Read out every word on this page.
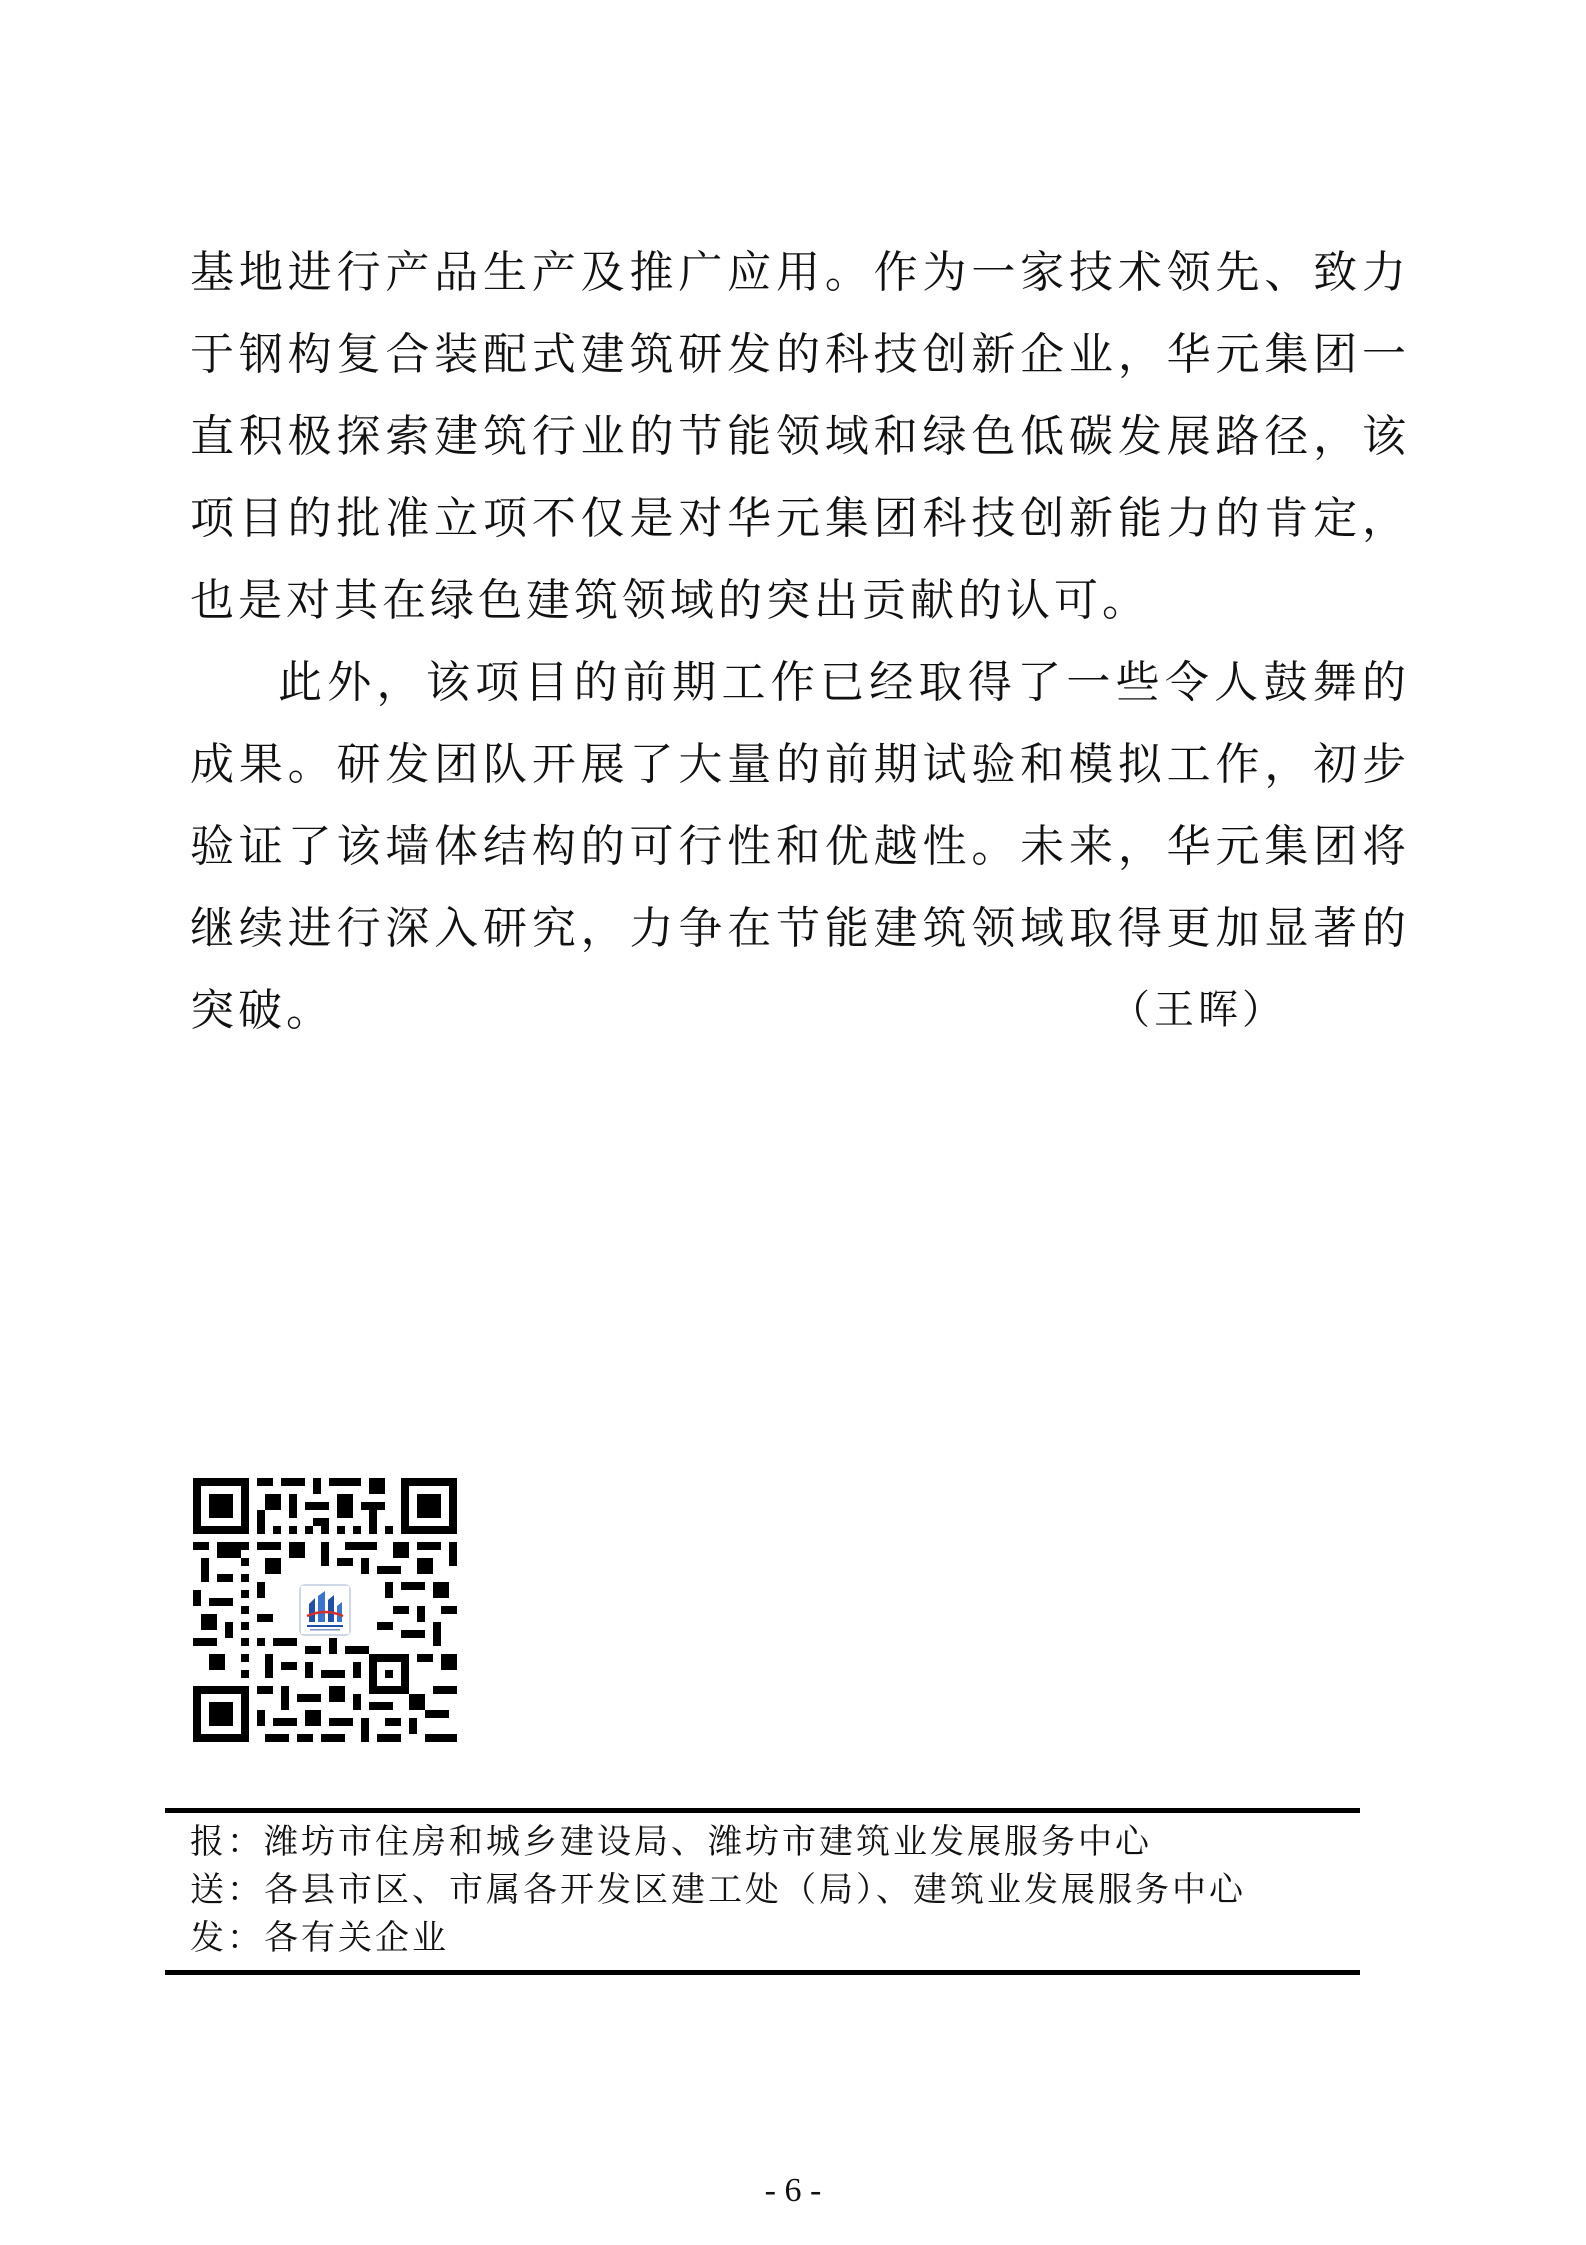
基地进行产品生产及推广应用。作为一家技术领先、致力于钢构复合装配式建筑研发的科技创新企业，华元集团一直积极探索建筑行业的节能领域和绿色低碳发展路径，该项目的批准立项不仅是对华元集团科技创新能力的肯定，也是对其在绿色建筑领域的突出贡献的认可。

此外，该项目的前期工作已经取得了一些令人鼓舞的成果。研发团队开展了大量的前期试验和模拟工作，初步验证了该墙体结构的可行性和优越性。未来，华元集团将继续进行深入研究，力争在节能建筑领域取得更加显著的突破。	（王晖）
报：潍坊市住房和城乡建设局、潍坊市建筑业发展服务中心
送：各县市区、市属各开发区建工处（局）、建筑业发展服务中心
发：各有关企业
- 6 -
